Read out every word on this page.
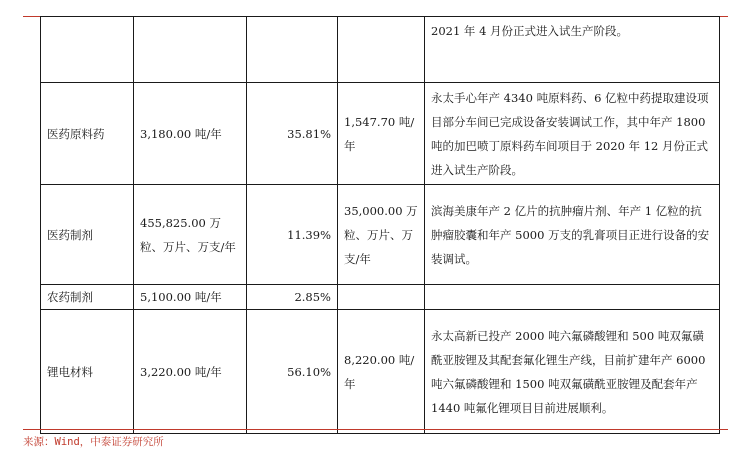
				2021 年 4 月份正式进入试生产阶段。
医药原料药	3,180.00 吨/年	35.81%	1,547.70 吨/年	永太手心年产 4340 吨原料药、6 亿粒中药提取建设项目部分车间已完成设备安装调试工作，其中年产 1800 吨的加巴喷丁原料药车间项目于 2020 年 12 月份正式进入试生产阶段。
医药制剂	455,825.00 万粒、万片、万支/年	11.39%	35,000.00 万粒、万片、万支/年	滨海美康年产 2 亿片的抗肿瘤片剂、年产 1 亿粒的抗肿瘤胶囊和年产 5000 万支的乳膏项目正进行设备的安装调试。
农药制剂	5,100.00 吨/年	2.85%		
锂电材料	3,220.00 吨/年	56.10%	8,220.00 吨/年	永太高新已投产 2000 吨六氟磷酸锂和 500 吨双氟磺酰亚胺锂及其配套氟化锂生产线，目前扩建年产 6000 吨六氟磷酸锂和 1500 吨双氟磺酰亚胺锂及配套年产 1440 吨氟化锂项目目前进展顺利。
来源：Wind，中泰证券研究所
